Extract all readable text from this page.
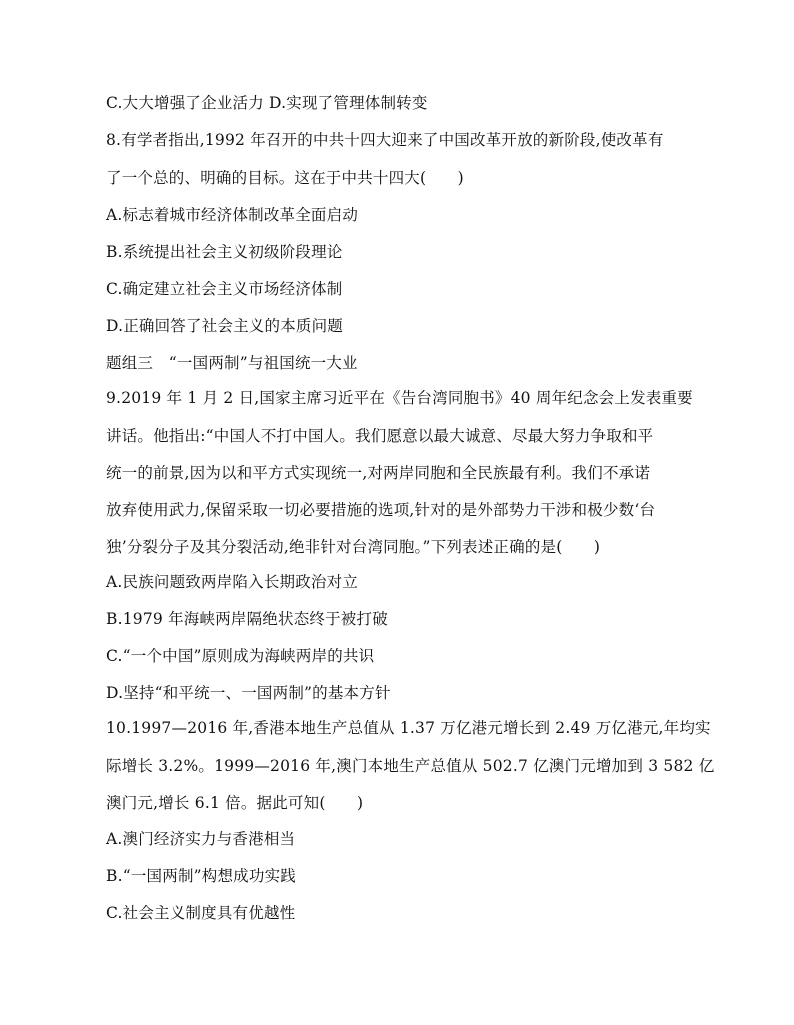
C.大大增强了企业活力 D.实现了管理体制转变
8.有学者指出,1992 年召开的中共十四大迎来了中国改革开放的新阶段,使改革有
了一个总的、明确的目标。这在于中共十四大(　　)
A.标志着城市经济体制改革全面启动
B.系统提出社会主义初级阶段理论
C.确定建立社会主义市场经济体制
D.正确回答了社会主义的本质问题
题组三　“一国两制”与祖国统一大业
9.2019 年 1 月 2 日,国家主席习近平在《告台湾同胞书》40 周年纪念会上发表重要
讲话。他指出:“中国人不打中国人。我们愿意以最大诚意、尽最大努力争取和平
统一的前景,因为以和平方式实现统一,对两岸同胞和全民族最有利。我们不承诺
放弃使用武力,保留采取一切必要措施的选项,针对的是外部势力干涉和极少数‘台
独’分裂分子及其分裂活动,绝非针对台湾同胞。”下列表述正确的是(　　)
A.民族问题致两岸陷入长期政治对立
B.1979 年海峡两岸隔绝状态终于被打破
C.“一个中国”原则成为海峡两岸的共识
D.坚持“和平统一、一国两制”的基本方针
10.1997—2016 年,香港本地生产总值从 1.37 万亿港元增长到 2.49 万亿港元,年均实
际增长 3.2%。1999—2016 年,澳门本地生产总值从 502.7 亿澳门元增加到 3 582 亿
澳门元,增长 6.1 倍。据此可知(　　)
A.澳门经济实力与香港相当
B.“一国两制”构想成功实践
C.社会主义制度具有优越性
